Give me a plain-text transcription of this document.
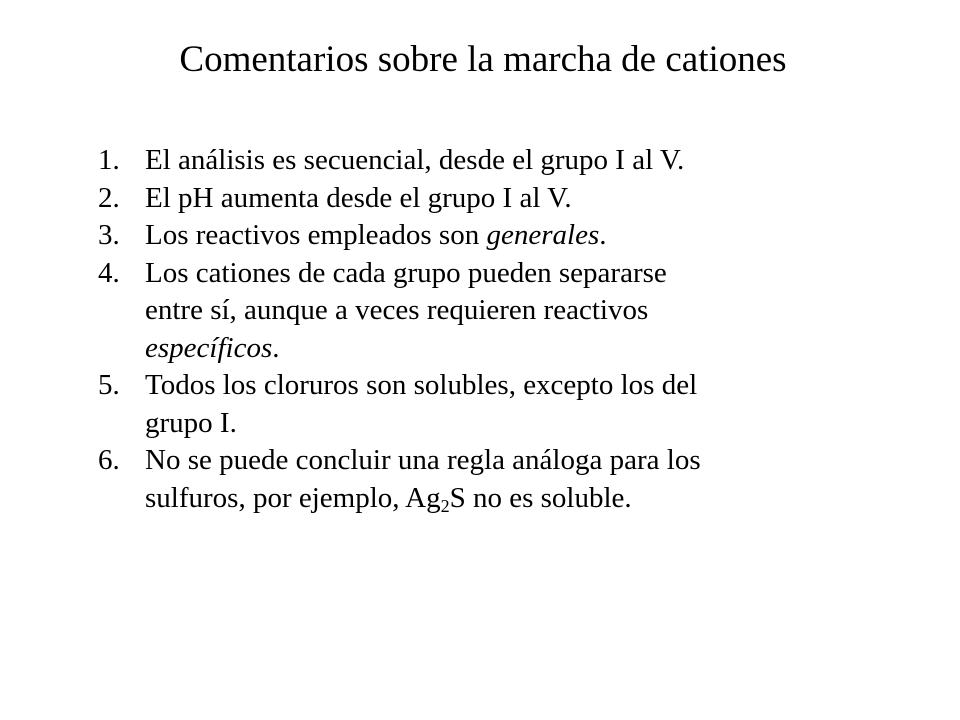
Comentarios sobre la marcha de cationes
1. El análisis es secuencial, desde el grupo I al V.
2. El pH aumenta desde el grupo I al V.
3. Los reactivos empleados son generales.
4. Los cationes de cada grupo pueden separarse
entre sí, aunque a veces requieren reactivos
específicos.
5. Todos los cloruros son solubles, excepto los del
grupo I.
6. No se puede concluir una regla análoga para los
sulfuros, por ejemplo, $Ag_2S$ no es soluble.
